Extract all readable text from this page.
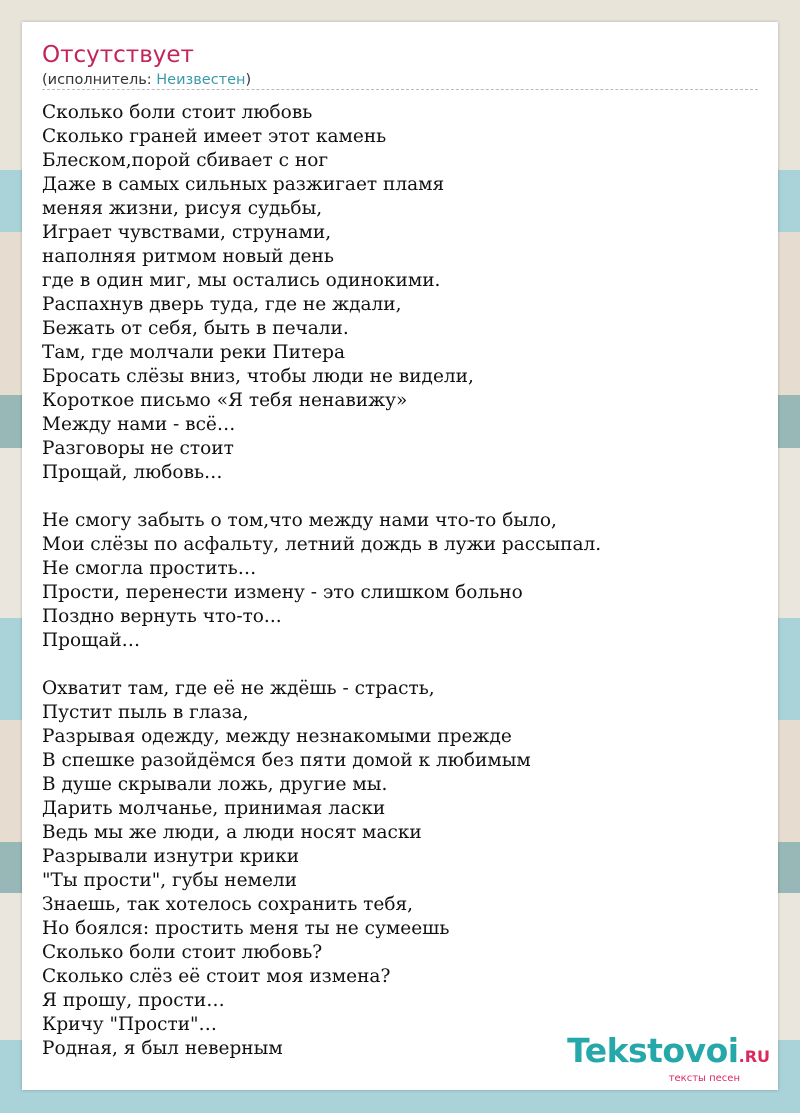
Отсутствует
(исполнитель: Неизвестен)
Сколько боли стоит любовь
Сколько граней имеет этот камень
Блеском,порой сбивает с ног
Даже в самых сильных разжигает пламя
меняя жизни, рисуя судьбы,
Играет чувствами, струнами,
наполняя ритмом новый день
где в один миг, мы остались одинокими.
Распахнув дверь туда, где не ждали,
Бежать от себя, быть в печали.
Там, где молчали реки Питера
Бросать слёзы вниз, чтобы люди не видели,
Короткое письмо «Я тебя ненавижу»
Между нами - всё…
Разговоры не стоит
Прощай, любовь…
Не смогу забыть о том,что между нами что-то было,
Мои слёзы по асфальту, летний дождь в лужи рассыпал.
Не смогла простить…
Прости, перенести измену - это слишком больно
Поздно вернуть что-то...
Прощай…
Охватит там, где её не ждёшь - страсть,
Пустит пыль в глаза,
Разрывая одежду, между незнакомыми прежде
В спешке разойдёмся без пяти домой к любимым
В душе скрывали ложь, другие мы.
Дарить молчанье, принимая ласки
Ведь мы же люди, а люди носят маски
Разрывали изнутри крики
"Ты прости", губы немели
Знаешь, так хотелось сохранить тебя,
Но боялся: простить меня ты не сумеешь
Сколько боли стоит любовь?
Сколько слёз её стоит моя измена?
Я прошу, прости…
Кричу "Прости"…
Родная, я был неверным	Tekstovoi.RU
тексты песен
